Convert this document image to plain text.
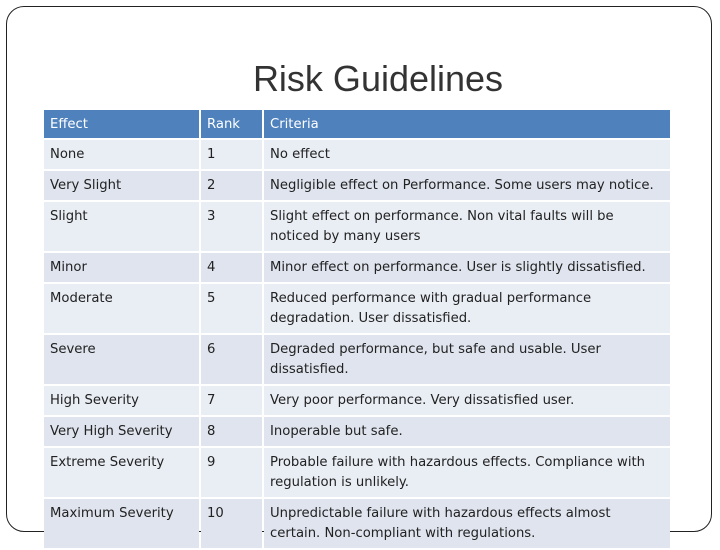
Risk Guidelines
Effect	Rank	Criteria
None	1	No effect
Very Slight	2	Negligible effect on Performance. Some users may notice.
Slight	3	Slight effect on performance. Non vital faults will be noticed by many users
Minor	4	Minor effect on performance. User is slightly dissatisfied.
Moderate	5	Reduced performance with gradual performance degradation. User dissatisfied.
Severe	6	Degraded performance, but safe and usable. User dissatisfied.
High Severity	7	Very poor performance. Very dissatisfied user.
Very High Severity	8	Inoperable but safe.
Extreme Severity	9	Probable failure with hazardous effects. Compliance with regulation is unlikely.
Maximum Severity	10	Unpredictable failure with hazardous effects almost certain. Non-compliant with regulations.
